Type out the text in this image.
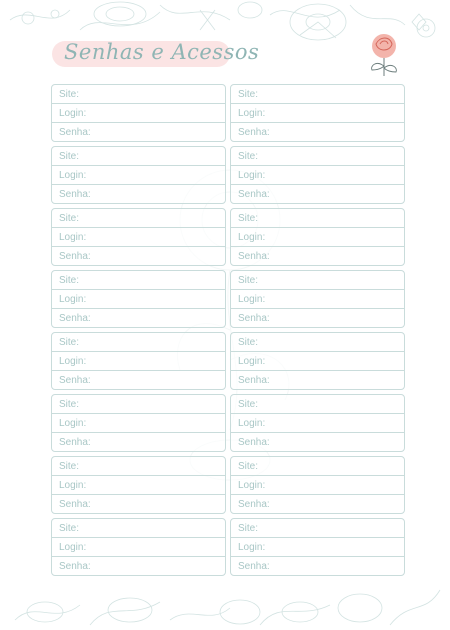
Senhas e Acessos
Site:
Login:
Senha:
Site:
Login:
Senha:
Site:
Login:
Senha:
Site:
Login:
Senha:
Site:
Login:
Senha:
Site:
Login:
Senha:
Site:
Login:
Senha:
Site:
Login:
Senha:
Site:
Login:
Senha:
Site:
Login:
Senha:
Site:
Login:
Senha:
Site:
Login:
Senha:
Site:
Login:
Senha:
Site:
Login:
Senha:
Site:
Login:
Senha:
Site:
Login:
Senha:
